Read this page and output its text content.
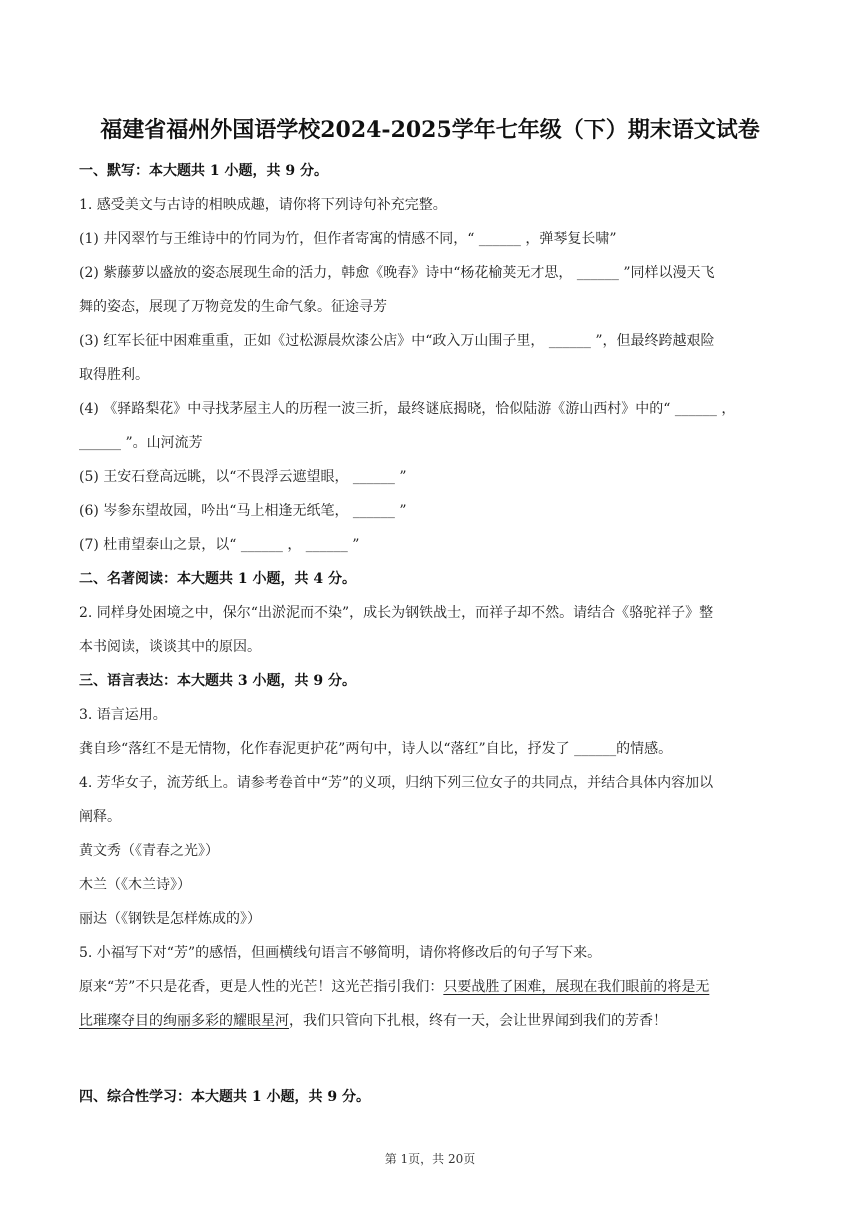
福建省福州外国语学校2024-2025学年七年级（下）期末语文试卷
一、默写：本大题共 1 小题，共 9 分。
1. 感受美文与古诗的相映成趣，请你将下列诗句补充完整。
(1) 井冈翠竹与王维诗中的竹同为竹，但作者寄寓的情感不同，“ ______ ，弹琴复长啸”
(2) 紫藤萝以盛放的姿态展现生命的活力，韩愈《晚春》诗中“杨花榆荚无才思， ______ ”同样以漫天飞
舞的姿态，展现了万物竞发的生命气象。征途寻芳
(3) 红军长征中困难重重，正如《过松源晨炊漆公店》中“政入万山围子里， ______ ”，但最终跨越艰险
取得胜利。
(4) 《驿路梨花》中寻找茅屋主人的历程一波三折，最终谜底揭晓，恰似陆游《游山西村》中的“ ______ ，
______ ”。山河流芳
(5) 王安石登高远眺，以“不畏浮云遮望眼， ______ ”
(6) 岑参东望故园，吟出“马上相逢无纸笔， ______ ”
(7) 杜甫望泰山之景，以“ ______ ， ______ ”
二、名著阅读：本大题共 1 小题，共 4 分。
2. 同样身处困境之中，保尔“出淤泥而不染”，成长为钢铁战士，而祥子却不然。请结合《骆驼祥子》整
本书阅读，谈谈其中的原因。
三、语言表达：本大题共 3 小题，共 9 分。
3. 语言运用。
龚自珍“落红不是无情物，化作春泥更护花”两句中，诗人以“落红”自比，抒发了 ______的情感。
4. 芳华女子，流芳纸上。请参考卷首中“芳”的义项，归纳下列三位女子的共同点，并结合具体内容加以
阐释。
黄文秀（《青春之光》）
木兰（《木兰诗》）
丽达（《钢铁是怎样炼成的》）
5. 小福写下对“芳”的感悟，但画横线句语言不够简明，请你将修改后的句子写下来。
原来“芳”不只是花香，更是人性的光芒！这光芒指引我们：只要战胜了困难，展现在我们眼前的将是无
比璀璨夺目的绚丽多彩的耀眼星河，我们只管向下扎根，终有一天，会让世界闻到我们的芳香！
四、综合性学习：本大题共 1 小题，共 9 分。
第 1页，共 20页
